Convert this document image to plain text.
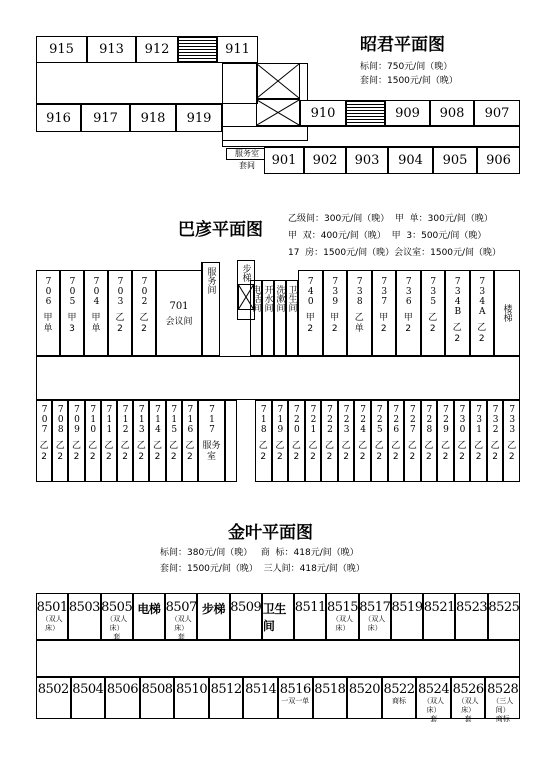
昭君平面图
标间：750元/间（晚）
套间：1500元/间（晚）
915	913	912	911
916	917	918	919	910	909	908	907
服务室
套间	901	902	903	904	905	906
巴彦平面图
乙级间：300元/间（晚）  甲  单：300元/间（晚）
甲  双：400元/间（晚）  甲  3：500元/间（晚）
17  房：1500元/间（晚）会议室：1500元/间（晚）
706
甲
单
705
甲
3
704
甲
单
703
乙
2
702
乙
2
701
会议间
服务间	步梯
电话间 开水间 洗漱间 卫生间 740
甲
2
739
甲
2
738
乙
单
737
甲
2
736
甲
2
735
乙
2
734B
乙
2
734A
乙
2
楼梯
707
乙
2
708
乙
2
709
乙
2
710
乙
2
711
乙
2
712
乙
2
713
乙
2
714
乙
2
715
乙
2
716
乙
2
717
服务室
718
乙
2
719
乙
2
720
乙
2
721
乙
2
722
乙
2
723
乙
2
724
乙
2
725
乙
2
726
乙
2
727
乙
2
728
乙
2
729
乙
2
730
乙
2
731
乙
2
732
乙
2
733
乙
2
金叶平面图
标间：380元/间（晚）   商  标：418元/间（晚）
套间：1500元/间（晚）  三人间：418元/间（晚）
8501
（双人床）
8503 8505
（双人床）
套
电梯 8507
（双人床）
套
步梯 8509 卫生间
8511 8515
（双人床）
8517
（双人床）
8519 8521 8523 8525
8502 8504 8506 8508 8510 8512 8514 8516
一双一单
8518 8520 8522
商标
8524
（双人床）
套
8526
（双人床）
套
8528
（三人间）
商标
